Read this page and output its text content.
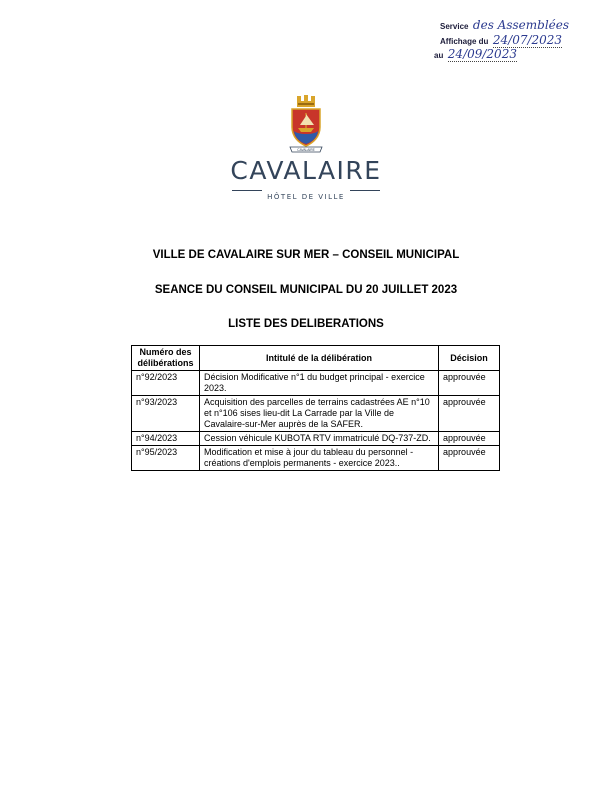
Service des Assemblées
Affichage du 24/07/2023
au 24/09/2023
CAVALAIRE
CAVALAIRE
HÔTEL DE VILLE
VILLE DE CAVALAIRE SUR MER – CONSEIL MUNICIPAL
SEANCE DU CONSEIL MUNICIPAL DU 20 JUILLET 2023
LISTE DES DELIBERATIONS
Numéro des délibérations	Intitulé de la délibération	Décision
n°92/2023	Décision Modificative n°1 du budget principal - exercice 2023.	approuvée
n°93/2023	Acquisition des parcelles de terrains cadastrées AE n°10 et n°106 sises lieu-dit La Carrade par la Ville de Cavalaire-sur-Mer auprès de la SAFER.	approuvée
n°94/2023	Cession véhicule KUBOTA RTV immatriculé DQ-737-ZD.	approuvée
n°95/2023	Modification et mise à jour du tableau du personnel - créations d'emplois permanents - exercice 2023..	approuvée
